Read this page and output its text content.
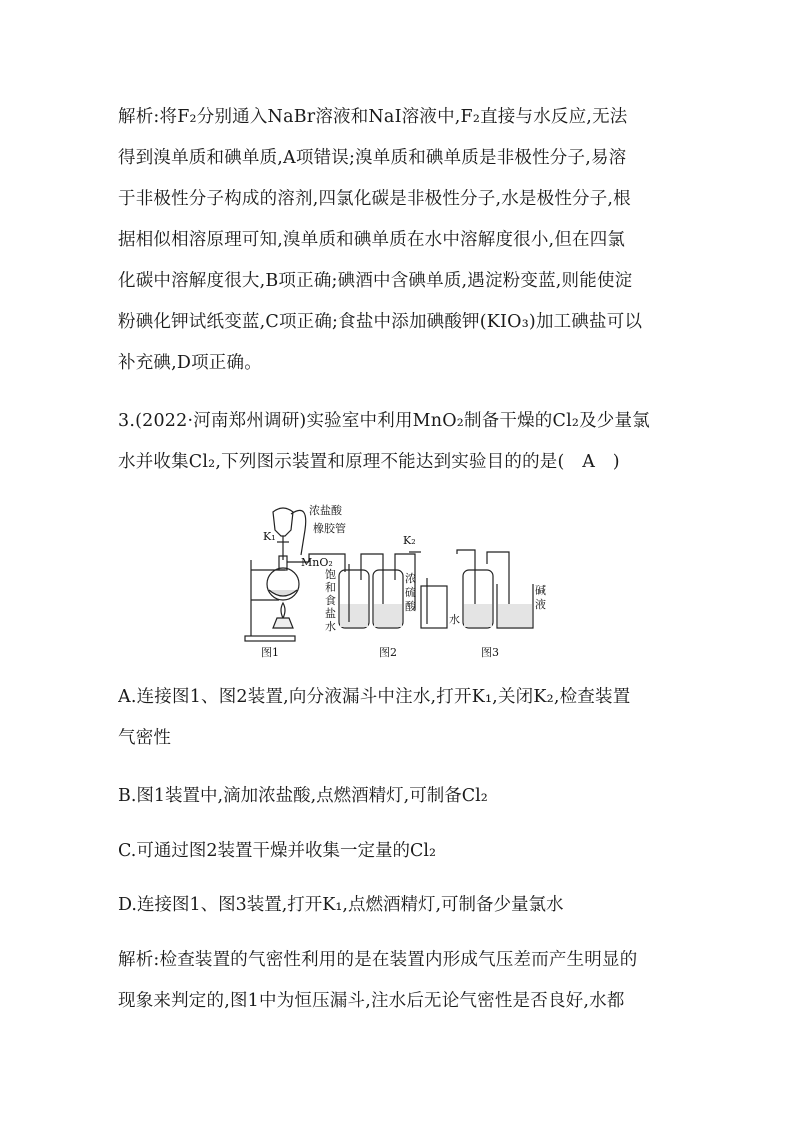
解析:将F₂分别通入NaBr溶液和NaI溶液中,F₂直接与水反应,无法
得到溴单质和碘单质,A项错误;溴单质和碘单质是非极性分子,易溶
于非极性分子构成的溶剂,四氯化碳是非极性分子,水是极性分子,根
据相似相溶原理可知,溴单质和碘单质在水中溶解度很小,但在四氯
化碳中溶解度很大,B项正确;碘酒中含碘单质,遇淀粉变蓝,则能使淀
粉碘化钾试纸变蓝,C项正确;食盐中添加碘酸钾(KIO₃)加工碘盐可以
补充碘,D项正确。
3.(2022·河南郑州调研)实验室中利用MnO₂制备干燥的Cl₂及少量氯
水并收集Cl₂,下列图示装置和原理不能达到实验目的的是(　A　)
浓盐酸
橡胶管
K₁
MnO₂
K₂
饱
和
食
盐
水
浓
硫
酸
水
碱
液
图1	图2	图3
A.连接图1、图2装置,向分液漏斗中注水,打开K₁,关闭K₂,检查装置
气密性
B.图1装置中,滴加浓盐酸,点燃酒精灯,可制备Cl₂
C.可通过图2装置干燥并收集一定量的Cl₂
D.连接图1、图3装置,打开K₁,点燃酒精灯,可制备少量氯水
解析:检查装置的气密性利用的是在装置内形成气压差而产生明显的
现象来判定的,图1中为恒压漏斗,注水后无论气密性是否良好,水都
